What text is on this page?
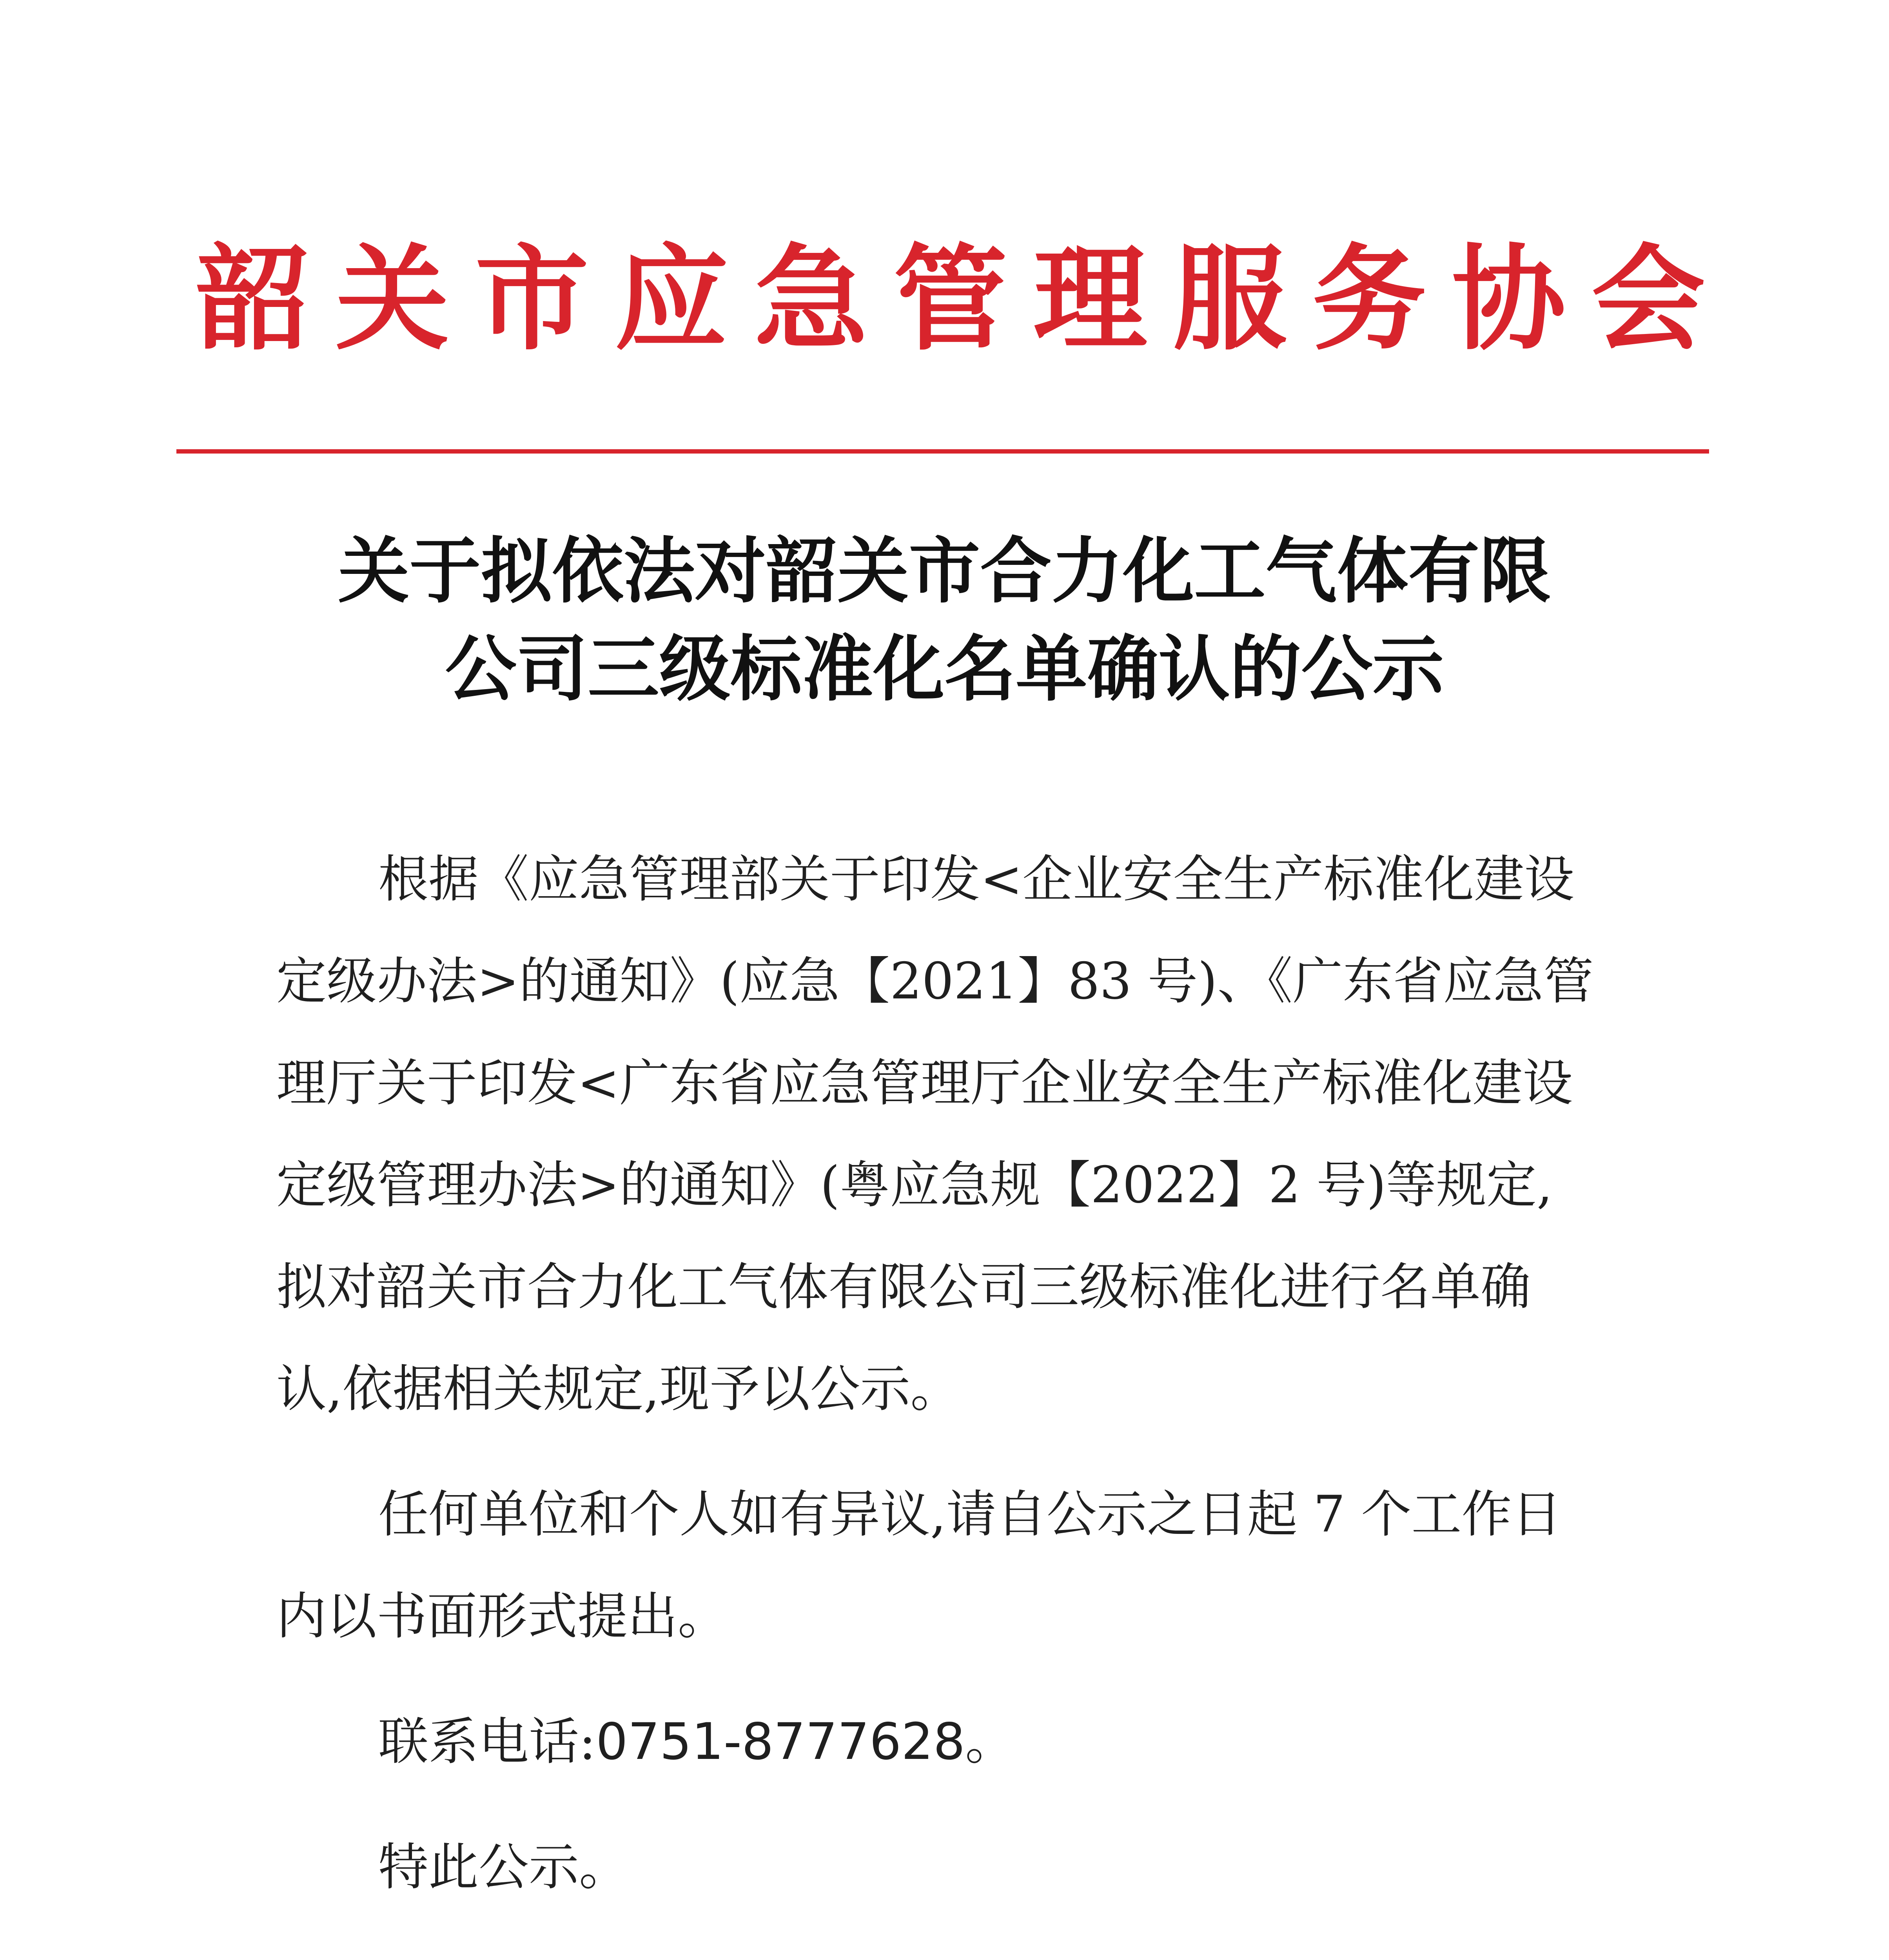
韶关市应急管理服务协会
关于拟依法对韶关市合力化工气体有限
公司三级标准化名单确认的公示
根据《应急管理部关于印发<企业安全生产标准化建设
定级办法>的通知》(应急【2021】83 号)、《广东省应急管
理厅关于印发<广东省应急管理厅企业安全生产标准化建设
定级管理办法>的通知》(粤应急规【2022】2 号)等规定,
拟对韶关市合力化工气体有限公司三级标准化进行名单确
认,依据相关规定,现予以公示。
任何单位和个人如有异议,请自公示之日起 7 个工作日
内以书面形式提出。
联系电话:0751-8777628。
特此公示。
